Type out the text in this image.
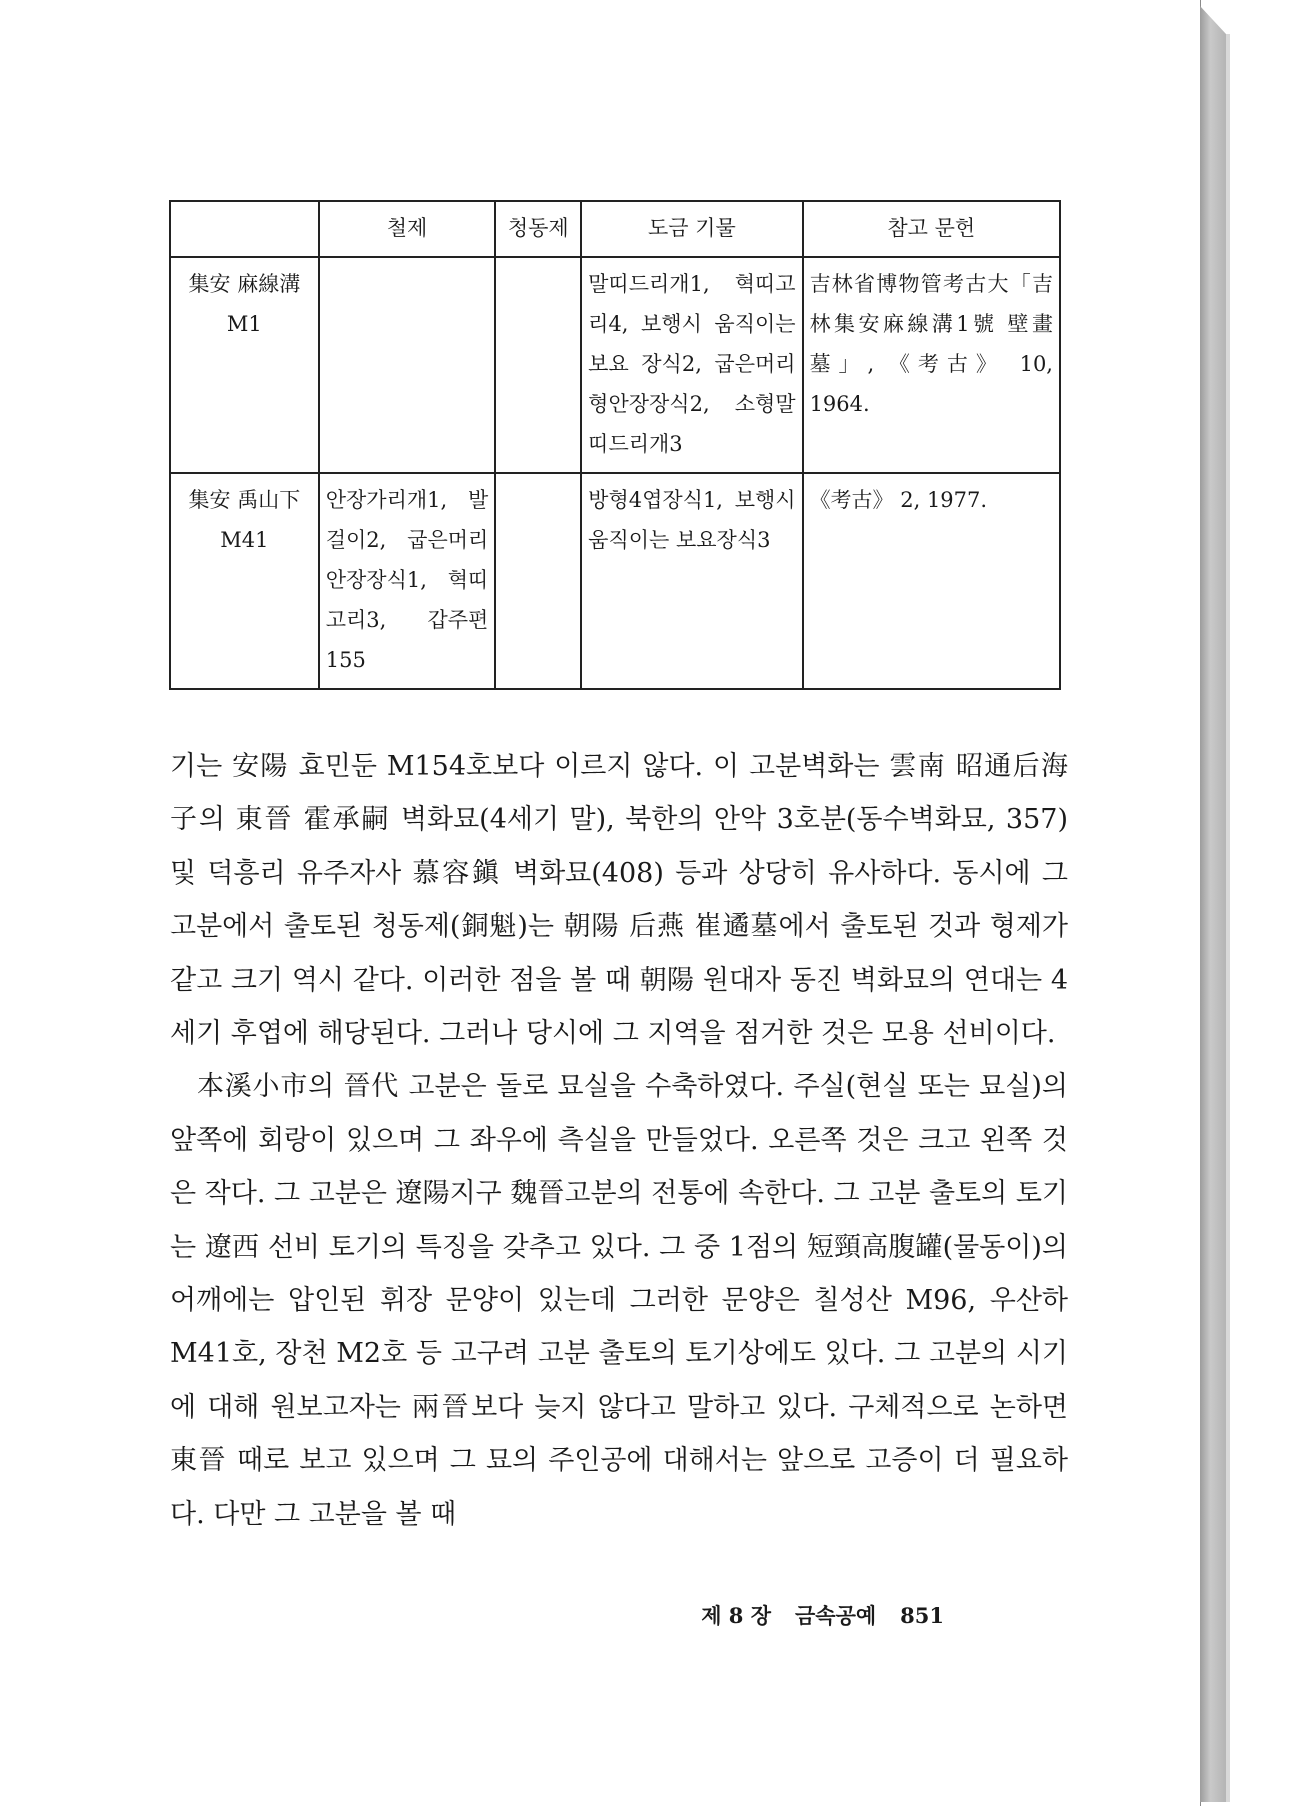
	철제	청동제	도금 기물	참고 문헌

集安 麻線溝
M1			말띠드리개1, 혁띠고리4, 보행시 움직이는 보요 장식2, 굽은머리형안장장식2, 소형말띠드리개3	吉林省博物管考古大「吉林集安麻線溝1號 壁畫墓」, 《考古》 10, 1964.

集安 禹山下
M41	안장가리개1, 발걸이2, 굽은머리안장장식1, 혁띠 고리3, 갑주편 155		방형4엽장식1, 보행시 움직이는 보요장식3	《考古》 2, 1977.

기는 安陽 효민둔 M154호보다 이르지 않다. 이 고분벽화는 雲南 昭通后海子의 東晉 霍承嗣 벽화묘(4세기 말), 북한의 안악 3호분(동수벽화묘, 357) 및 덕흥리 유주자사 慕容鎭 벽화묘(408) 등과 상당히 유사하다. 동시에 그 고분에서 출토된 청동제(銅魁)는 朝陽 后燕 崔遹墓에서 출토된 것과 형제가 같고 크기 역시 같다. 이러한 점을 볼 때 朝陽 원대자 동진 벽화묘의 연대는 4세기 후엽에 해당된다. 그러나 당시에 그 지역을 점거한 것은 모용 선비이다.

本溪小市의 晉代 고분은 돌로 묘실을 수축하였다. 주실(현실 또는 묘실)의 앞쪽에 회랑이 있으며 그 좌우에 측실을 만들었다. 오른쪽 것은 크고 왼쪽 것은 작다. 그 고분은 遼陽지구 魏晉고분의 전통에 속한다. 그 고분 출토의 토기는 遼西 선비 토기의 특징을 갖추고 있다. 그 중 1점의 短頸高腹罐(물동이)의 어깨에는 압인된 휘장 문양이 있는데 그러한 문양은 칠성산 M96, 우산하 M41호, 장천 M2호 등 고구려 고분 출토의 토기상에도 있다. 그 고분의 시기에 대해 원보고자는 兩晉보다 늦지 않다고 말하고 있다. 구체적으로 논하면 東晉 때로 보고 있으며 그 묘의 주인공에 대해서는 앞으로 고증이 더 필요하다. 다만 그 고분을 볼 때

제 8 장 금속공예 851
